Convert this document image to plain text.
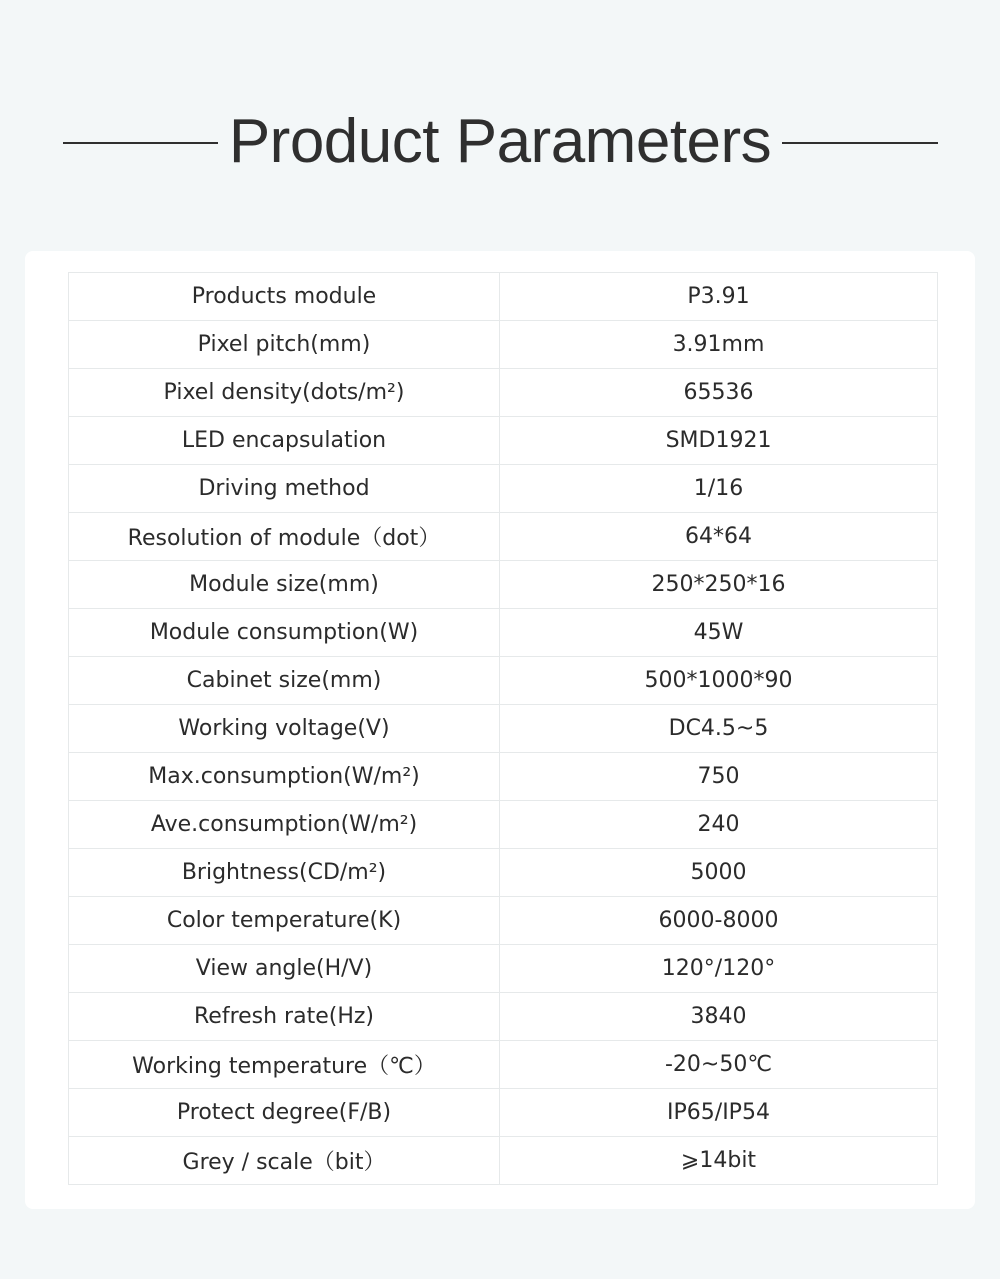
Product Parameters
Products module	P3.91
Pixel pitch(mm)	3.91mm
Pixel density(dots/m²)	65536
LED encapsulation	SMD1921
Driving method	1/16
Resolution of module（dot）	64*64
Module size(mm)	250*250*16
Module consumption(W)	45W
Cabinet size(mm)	500*1000*90
Working voltage(V)	DC4.5~5
Max.consumption(W/m²)	750
Ave.consumption(W/m²)	240
Brightness(CD/m²)	5000
Color temperature(K)	6000-8000
View angle(H/V)	120°/120°
Refresh rate(Hz)	3840
Working temperature（℃）	-20~50℃
Protect degree(F/B)	IP65/IP54
Grey / scale（bit）	⩾14bit
